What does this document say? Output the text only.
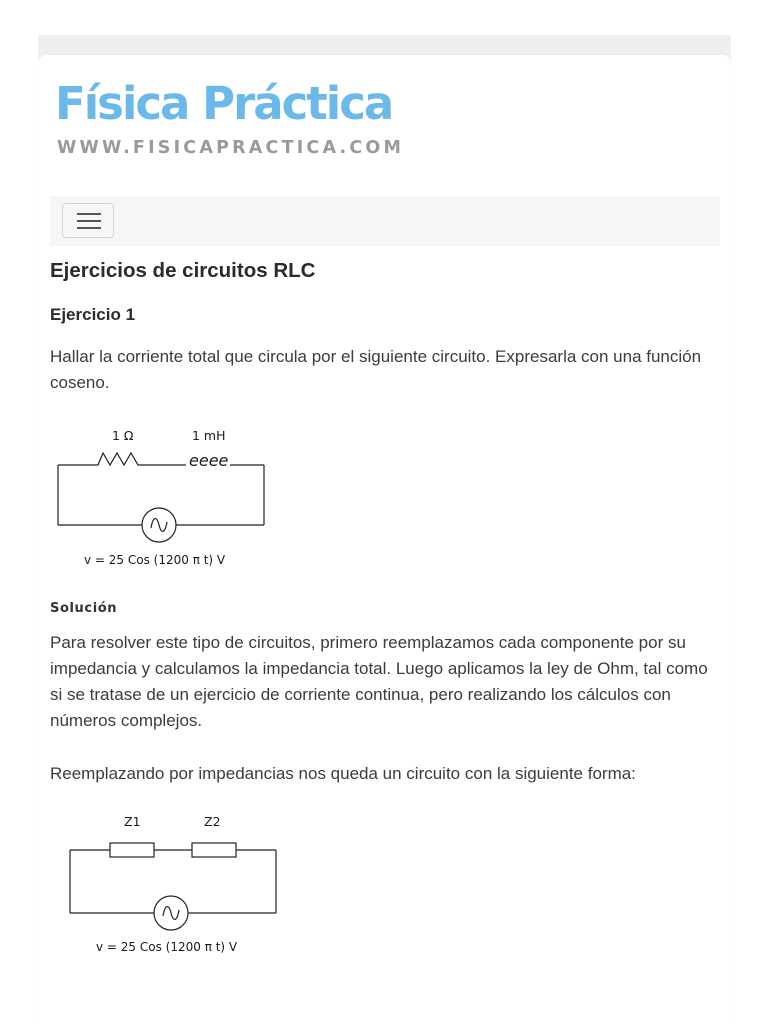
Física Práctica
WWW.FISICAPRACTICA.COM
Ejercicios de circuitos RLC
Ejercicio 1

Hallar la corriente total que circula por el siguiente circuito. Expresarla con una función coseno.

1 Ω	1 mH
eeee
v = 25 Cos (1200 π t) V
Solución

Para resolver este tipo de circuitos, primero reemplazamos cada componente por su impedancia y calculamos la impedancia total. Luego aplicamos la ley de Ohm, tal como si se tratase de un ejercicio de corriente continua, pero realizando los cálculos con números complejos.

Reemplazando por impedancias nos queda un circuito con la siguiente forma:

Z1	Z2
v = 25 Cos (1200 π t) V
